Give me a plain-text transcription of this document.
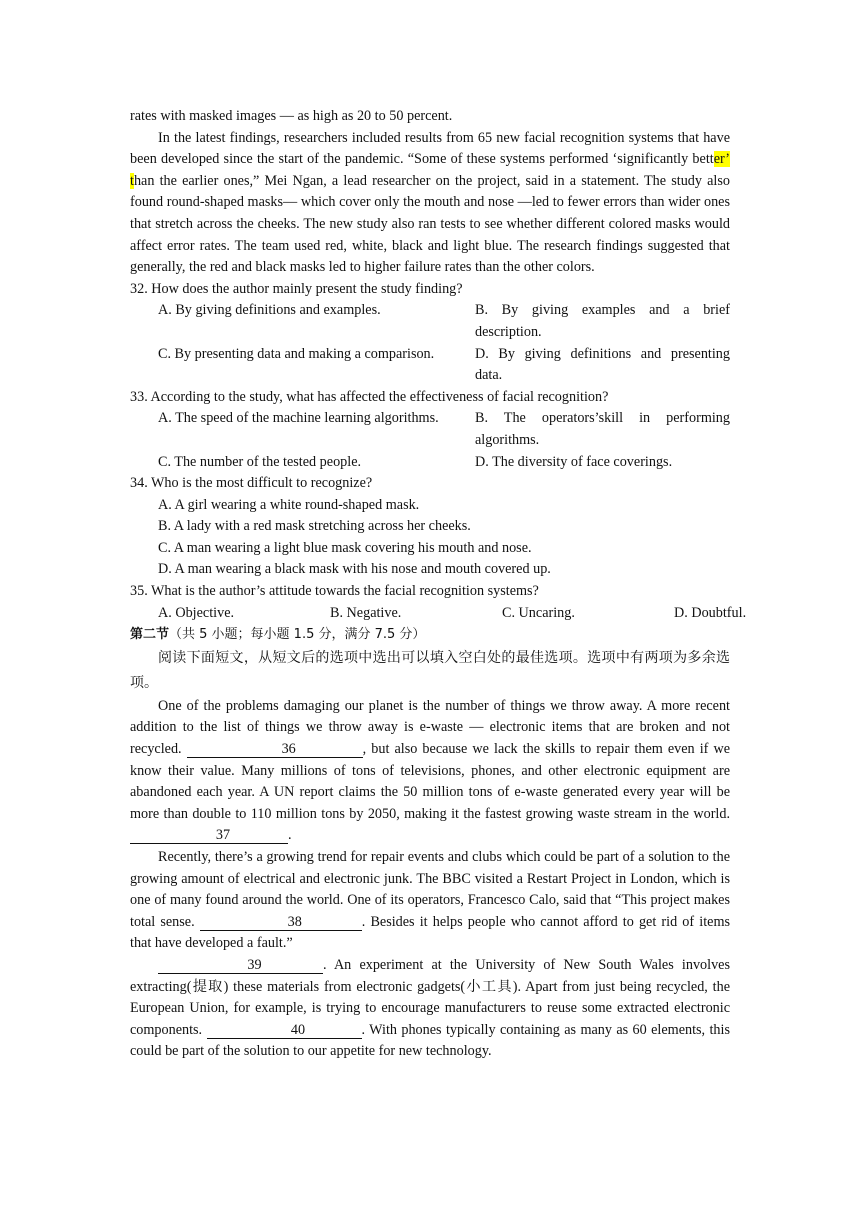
rates with masked images — as high as 20 to 50 percent.

In the latest findings, researchers included results from 65 new facial recognition systems that have been developed since the start of the pandemic. “Some of these systems performed ‘significantly better’ than the earlier ones,” Mei Ngan, a lead researcher on the project, said in a statement. The study also found round-shaped masks— which cover only the mouth and nose —led to fewer errors than wider ones that stretch across the cheeks. The new study also ran tests to see whether different colored masks would affect error rates. The team used red, white, black and light blue. The research findings suggested that generally, the red and black masks led to higher failure rates than the other colors.

32. How does the author mainly present the study finding?

A. By giving definitions and examples.	B. By giving examples and a brief description.
C. By presenting data and making a comparison.	D. By giving definitions and presenting data.

33. According to the study, what has affected the effectiveness of facial recognition?

A. The speed of the machine learning algorithms.	B. The operators’skill in performing algorithms.
C. The number of the tested people.	D. The diversity of face coverings.

34. Who is the most difficult to recognize?

A. A girl wearing a white round-shaped mask.

B. A lady with a red mask stretching across her cheeks.

C. A man wearing a light blue mask covering his mouth and nose.

D. A man wearing a black mask with his nose and mouth covered up.

35. What is the author’s attitude towards the facial recognition systems?

A. Objective.	B. Negative.	C. Uncaring.	D. Doubtful.

第二节（共 5 小题；每小题 1.5 分，满分 7.5 分）

阅读下面短文，从短文后的选项中选出可以填入空白处的最佳选项。选项中有两项为多余选项。

One of the problems damaging our planet is the number of things we throw away. A more recent addition to the list of things we throw away is e-waste — electronic items that are broken and not recycled.	36	, but also because we lack the skills to repair them even if we know their value. Many millions of tons of televisions, phones, and other electronic equipment are abandoned each year. A UN report claims the 50 million tons of e-waste generated every year will be more than double to 110 million tons by 2050, making it the fastest growing waste stream in the world. 37	.

Recently, there’s a growing trend for repair events and clubs which could be part of a solution to the growing amount of electrical and electronic junk. The BBC visited a Restart Project in London, which is one of many found around the world. One of its operators, Francesco Calo, said that “This project makes total sense.	38	. Besides it helps people who cannot afford to get rid of items that have developed a fault.”

39	. An experiment at the University of New South Wales involves extracting(提取) these materials from electronic gadgets(小工具). Apart from just being recycled, the European Union, for example, is trying to encourage manufacturers to reuse some extracted electronic components.	40	. With phones typically containing as many as 60 elements, this could be part of the solution to our appetite for new technology.
